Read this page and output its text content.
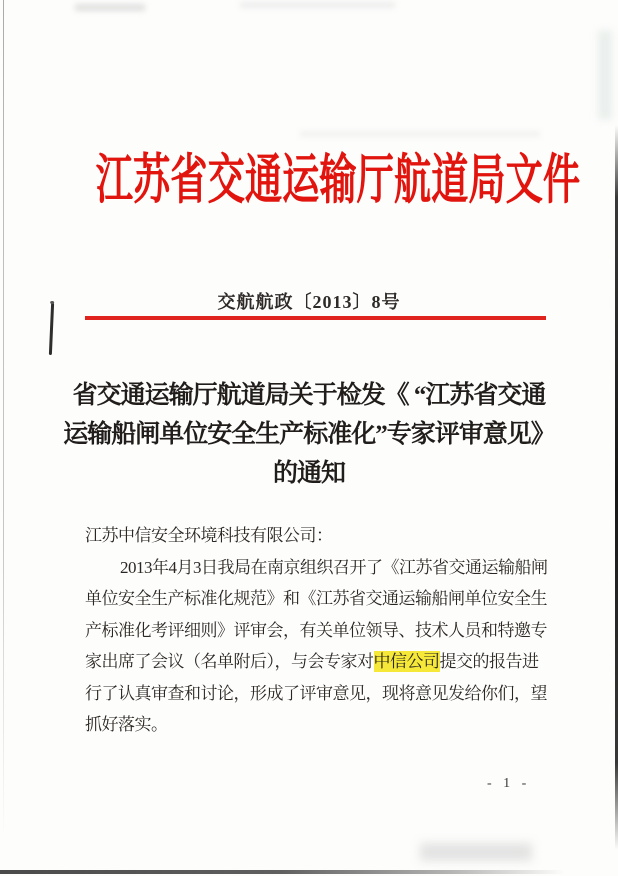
江苏省交通运输厅航道局文件
交航航政〔2013〕8号
省交通运输厅航道局关于检发《 “江苏省交通
运输船闸单位安全生产标准化”专家评审意见》
的通知
江苏中信安全环境科技有限公司：
2013年4月3日我局在南京组织召开了《江苏省交通运输船闸
单位安全生产标准化规范》和《江苏省交通运输船闸单位安全生
产标准化考评细则》评审会，有关单位领导、技术人员和特邀专
家出席了会议（名单附后），与会专家对中信公司提交的报告进
行了认真审查和讨论，形成了评审意见，现将意见发给你们，望
抓好落实。
- 1 -
